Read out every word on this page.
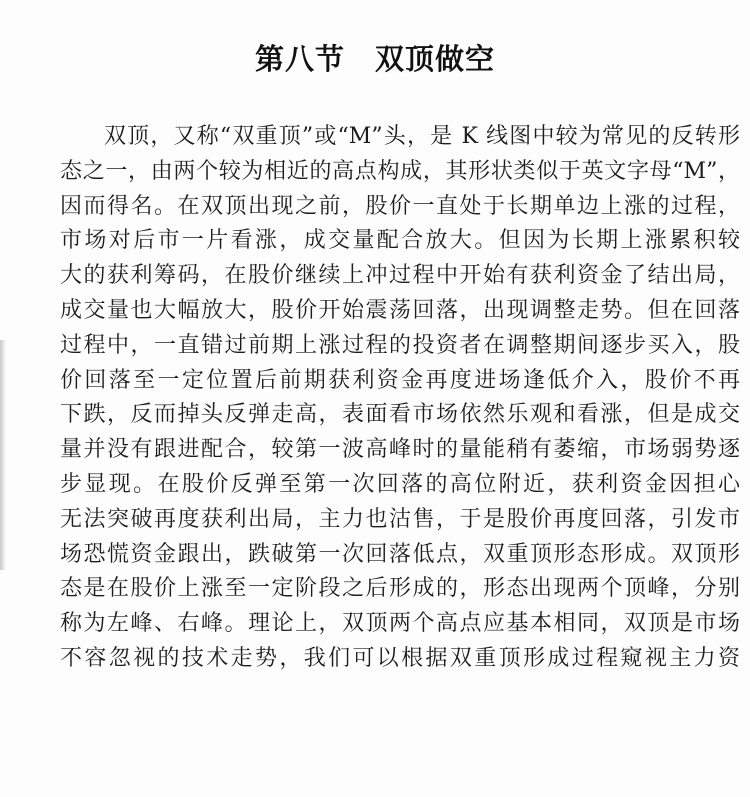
第八节　双顶做空
双顶，又称“双重顶”或“M”头，是 K 线图中较为常见的反转形
态之一，由两个较为相近的高点构成，其形状类似于英文字母“M”，
因而得名。在双顶出现之前，股价一直处于长期单边上涨的过程，
市场对后市一片看涨，成交量配合放大。但因为长期上涨累积较
大的获利筹码，在股价继续上冲过程中开始有获利资金了结出局，
成交量也大幅放大，股价开始震荡回落，出现调整走势。但在回落
过程中，一直错过前期上涨过程的投资者在调整期间逐步买入，股
价回落至一定位置后前期获利资金再度进场逢低介入，股价不再
下跌，反而掉头反弹走高，表面看市场依然乐观和看涨，但是成交
量并没有跟进配合，较第一波高峰时的量能稍有萎缩，市场弱势逐
步显现。在股价反弹至第一次回落的高位附近，获利资金因担心
无法突破再度获利出局，主力也沽售，于是股价再度回落，引发市
场恐慌资金跟出，跌破第一次回落低点，双重顶形态形成。双顶形
态是在股价上涨至一定阶段之后形成的，形态出现两个顶峰，分别
称为左峰、右峰。理论上，双顶两个高点应基本相同，双顶是市场
不容忽视的技术走势，我们可以根据双重顶形成过程窥视主力资
